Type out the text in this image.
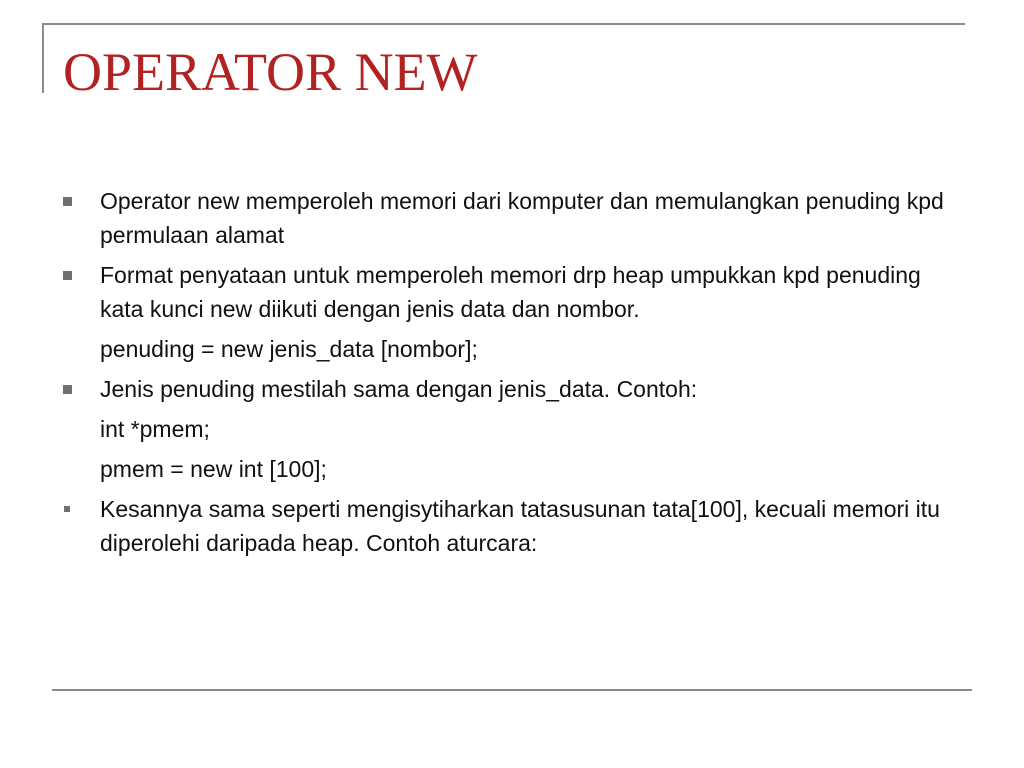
OPERATOR NEW
Operator new memperoleh memori dari komputer dan memulangkan penuding kpd permulaan alamat
Format penyataan untuk memperoleh memori drp heap umpukkan kpd penuding kata kunci new diikuti dengan jenis data dan nombor.
penuding = new jenis_data [nombor];
Jenis penuding mestilah sama dengan jenis_data. Contoh:
int *pmem;
pmem = new int [100];
Kesannya sama seperti mengisytiharkan tatasusunan tata[100], kecuali memori itu diperolehi daripada heap. Contoh aturcara:
